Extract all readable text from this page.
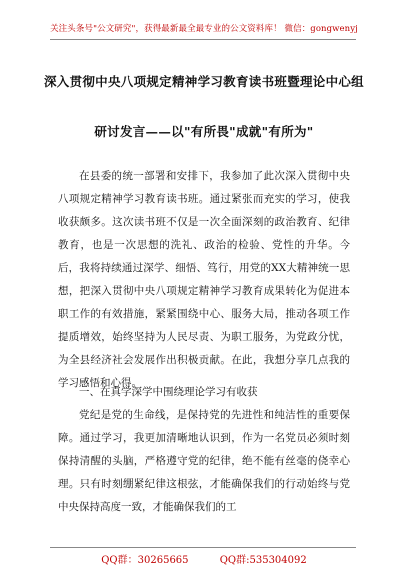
关注头条号"公文研究"，获得最新最全最专业的公文资料库！ 微信：gongwenyj
深入贯彻中央八项规定精神学习教育读书班暨理论中心组
研讨发言——以"有所畏"成就"有所为"

在县委的统一部署和安排下，我参加了此次深入贯彻中央八项规定精神学习教育读书班。通过紧张而充实的学习，使我收获颇多。这次读书班不仅是一次全面深刻的政治教育、纪律教育，也是一次思想的洗礼、政治的检验、党性的升华。今后，我将持续通过深学、细悟、笃行，用党的XX大精神统一思想，把深入贯彻中央八项规定精神学习教育成果转化为促进本职工作的有效措施，紧紧围绕中心、服务大局，推动各项工作提质增效，始终坚持为人民尽责、为职工服务，为党政分忧，为全县经济社会发展作出积极贡献。在此，我想分享几点我的学习感悟和心得。

一、在真学深学中围绕理论学习有收获

党纪是党的生命线，是保持党的先进性和纯洁性的重要保障。通过学习，我更加清晰地认识到，作为一名党员必须时刻保持清醒的头脑，严格遵守党的纪律，绝不能有丝毫的侥幸心理。只有时刻绷紧纪律这根弦，才能确保我们的行动始终与党中央保持高度一致，才能确保我们的工

QQ群：30265665	QQ群:535304092
